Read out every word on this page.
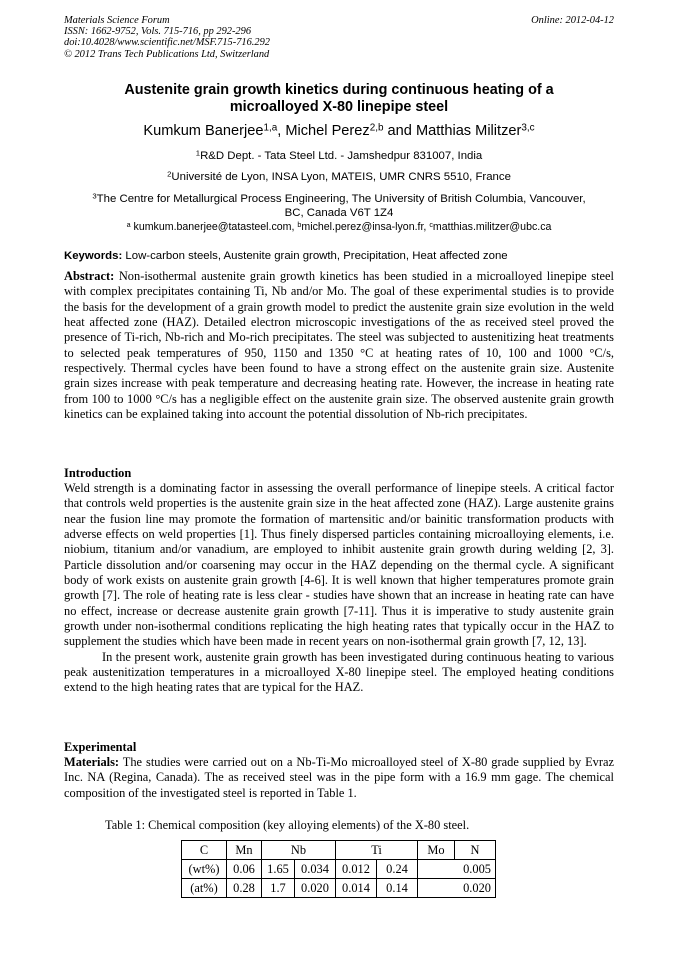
Materials Science Forum
ISSN: 1662-9752, Vols. 715-716, pp 292-296
doi:10.4028/www.scientific.net/MSF.715-716.292
© 2012 Trans Tech Publications Ltd, Switzerland
Online: 2012-04-12
Austenite grain growth kinetics during continuous heating of a
microalloyed X-80 linepipe steel
Kumkum Banerjee$^{1,a}$, Michel Perez$^{2,b}$ and Matthias Militzer$^{3,c}$
$^1$R&D Dept. - Tata Steel Ltd. - Jamshedpur 831007, India
$^2$Université de Lyon, INSA Lyon, MATEIS, UMR CNRS 5510, France
$^3$The Centre for Metallurgical Process Engineering, The University of British Columbia, Vancouver,
BC, Canada V6T 1Z4
$^a$ kumkum.banerjee@tatasteel.com, $^b$michel.perez@insa-lyon.fr, $^c$matthias.militzer@ubc.ca
Keywords: Low-carbon steels, Austenite grain growth, Precipitation, Heat affected zone
Abstract: Non-isothermal austenite grain growth kinetics has been studied in a microalloyed linepipe steel with complex precipitates containing Ti, Nb and/or Mo. The goal of these experimental studies is to provide the basis for the development of a grain growth model to predict the austenite grain size evolution in the weld heat affected zone (HAZ). Detailed electron microscopic investigations of the as received steel proved the presence of Ti-rich, Nb-rich and Mo-rich precipitates. The steel was subjected to austenitizing heat treatments to selected peak temperatures of 950, 1150 and 1350 °C at heating rates of 10, 100 and 1000 °C/s, respectively. Thermal cycles have been found to have a strong effect on the austenite grain size. Austenite grain sizes increase with peak temperature and decreasing heating rate. However, the increase in heating rate from 100 to 1000 °C/s has a negligible effect on the austenite grain size. The observed austenite grain growth kinetics can be explained taking into account the potential dissolution of Nb-rich precipitates.
Introduction
Weld strength is a dominating factor in assessing the overall performance of linepipe steels. A critical factor that controls weld properties is the austenite grain size in the heat affected zone (HAZ). Large austenite grains near the fusion line may promote the formation of martensitic and/or bainitic transformation products with adverse effects on weld properties [1]. Thus finely dispersed particles containing microalloying elements, i.e. niobium, titanium and/or vanadium, are employed to inhibit austenite grain growth during welding [2, 3]. Particle dissolution and/or coarsening may occur in the HAZ depending on the thermal cycle. A significant body of work exists on austenite grain growth [4-6]. It is well known that higher temperatures promote grain growth [7]. The role of heating rate is less clear - studies have shown that an increase in heating rate can have no effect, increase or decrease austenite grain growth [7-11]. Thus it is imperative to study austenite grain growth under non-isothermal conditions replicating the high heating rates that typically occur in the HAZ to supplement the studies which have been made in recent years on non-isothermal grain growth [7, 12, 13].
In the present work, austenite grain growth has been investigated during continuous heating to various peak austenitization temperatures in a microalloyed X-80 linepipe steel. The employed heating conditions extend to the high heating rates that are typical for the HAZ.
Experimental
Materials: The studies were carried out on a Nb-Ti-Mo microalloyed steel of X-80 grade supplied by Evraz Inc. NA (Regina, Canada). The as received steel was in the pipe form with a 16.9 mm gage. The chemical composition of the investigated steel is reported in Table 1.
Table 1: Chemical composition (key alloying elements) of the X-80 steel.
C	Mn	Nb		Ti		Mo	N
(wt%)	0.06	1.65	0.034	0.012	0.24	0.005	
(at%)	0.28	1.7	0.020	0.014	0.14	0.020	
